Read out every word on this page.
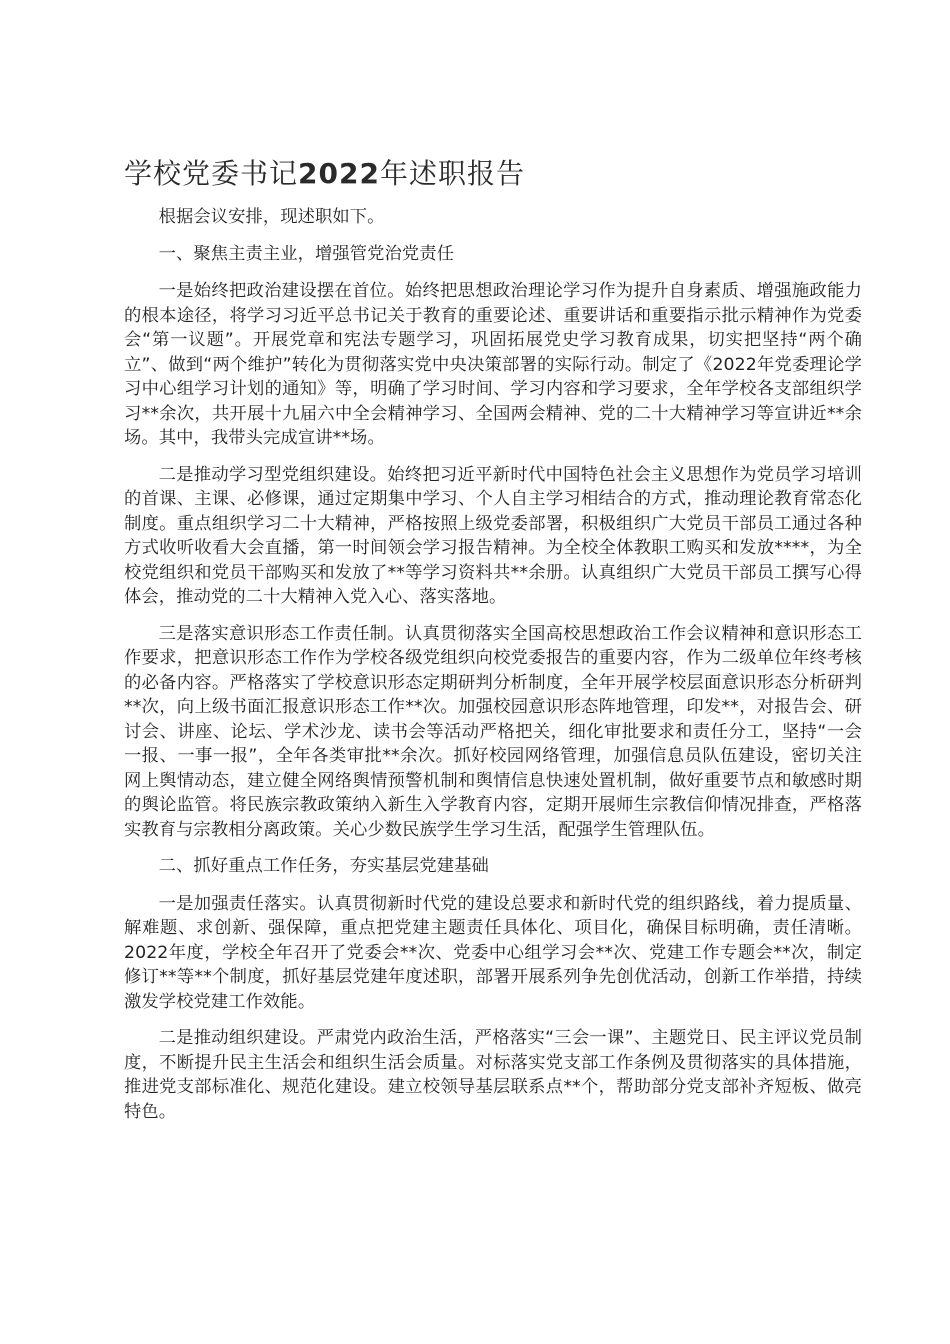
学校党委书记2022年述职报告

根据会议安排，现述职如下。

一、聚焦主责主业，增强管党治党责任

一是始终把政治建设摆在首位。始终把思想政治理论学习作为提升自身素质、增强施政能力的根本途径，将学习习近平总书记关于教育的重要论述、重要讲话和重要指示批示精神作为党委会“第一议题”。开展党章和宪法专题学习，巩固拓展党史学习教育成果，切实把坚持“两个确立”、做到“两个维护”转化为贯彻落实党中央决策部署的实际行动。制定了《2022年党委理论学习中心组学习计划的通知》等，明确了学习时间、学习内容和学习要求，全年学校各支部组织学习**余次，共开展十九届六中全会精神学习、全国两会精神、党的二十大精神学习等宣讲近**余场。其中，我带头完成宣讲**场。

二是推动学习型党组织建设。始终把习近平新时代中国特色社会主义思想作为党员学习培训的首课、主课、必修课，通过定期集中学习、个人自主学习相结合的方式，推动理论教育常态化制度。重点组织学习二十大精神，严格按照上级党委部署，积极组织广大党员干部员工通过各种方式收听收看大会直播，第一时间领会学习报告精神。为全校全体教职工购买和发放****，为全校党组织和党员干部购买和发放了**等学习资料共**余册。认真组织广大党员干部员工撰写心得体会，推动党的二十大精神入党入心、落实落地。

三是落实意识形态工作责任制。认真贯彻落实全国高校思想政治工作会议精神和意识形态工作要求，把意识形态工作作为学校各级党组织向校党委报告的重要内容，作为二级单位年终考核的必备内容。严格落实了学校意识形态定期研判分析制度，全年开展学校层面意识形态分析研判**次，向上级书面汇报意识形态工作**次。加强校园意识形态阵地管理，印发**，对报告会、研讨会、讲座、论坛、学术沙龙、读书会等活动严格把关，细化审批要求和责任分工，坚持“一会一报、一事一报”，全年各类审批**余次。抓好校园网络管理，加强信息员队伍建设，密切关注网上舆情动态，建立健全网络舆情预警机制和舆情信息快速处置机制，做好重要节点和敏感时期的舆论监管。将民族宗教政策纳入新生入学教育内容，定期开展师生宗教信仰情况排查，严格落实教育与宗教相分离政策。关心少数民族学生学习生活，配强学生管理队伍。

二、抓好重点工作任务，夯实基层党建基础

一是加强责任落实。认真贯彻新时代党的建设总要求和新时代党的组织路线，着力提质量、解难题、求创新、强保障，重点把党建主题责任具体化、项目化，确保目标明确，责任清晰。2022年度，学校全年召开了党委会**次、党委中心组学习会**次、党建工作专题会**次，制定修订**等**个制度，抓好基层党建年度述职，部署开展系列争先创优活动，创新工作举措，持续激发学校党建工作效能。

二是推动组织建设。严肃党内政治生活，严格落实“三会一课”、主题党日、民主评议党员制度，不断提升民主生活会和组织生活会质量。对标落实党支部工作条例及贯彻落实的具体措施，推进党支部标准化、规范化建设。建立校领导基层联系点**个，帮助部分党支部补齐短板、做亮特色。
